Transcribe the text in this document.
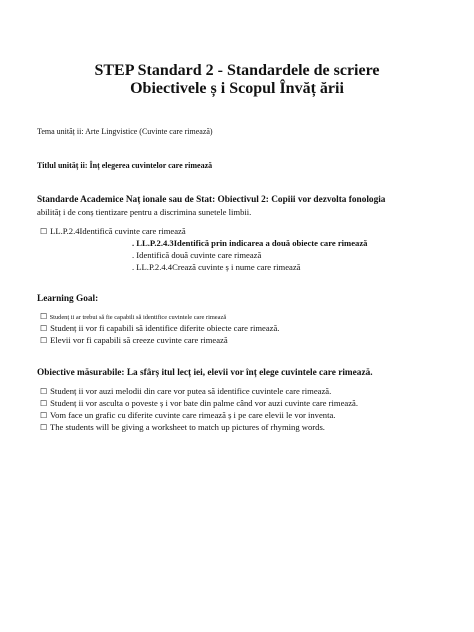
STEP Standard 2 - Standardele de scriere
Obiectivele ș i Scopul Învăț ării
Tema unităț ii: Arte Lingvistice (Cuvinte care rimează)
Titlul unităț ii: Înț elegerea cuvintelor care rimează
Standarde Academice Naț ionale sau de Stat: Obiectivul 2: Copiii vor dezvolta fonologia
abilităț i de conș tientizare pentru a discrimina sunetele limbii.
☐ LL.P.2.4Identifică cuvinte care rimează
. LL.P.2.4.3Identifică prin indicarea a două obiecte care rimează
. Identifică două cuvinte care rimează
. LL.P.2.4.4Crează cuvinte ș i nume care rimează
Learning Goal:
☐ Studenț ii ar trebui să fie capabili să identifice cuvintele care rimează
☐ Studenț ii vor fi capabili să identifice diferite obiecte care rimează.
☐ Elevii vor fi capabili să creeze cuvinte care rimează
Obiective măsurabile: La sfârș itul lecț iei, elevii vor înț elege cuvintele care rimează.
☐ Studenț ii vor auzi melodii din care vor putea să identifice cuvintele care rimează.
☐ Studenț ii vor asculta o poveste ș i vor bate din palme când vor auzi cuvinte care rimează.
☐ Vom face un grafic cu diferite cuvinte care rimează ș i pe care elevii le vor inventa.
☐ The students will be giving a worksheet to match up pictures of rhyming words.
